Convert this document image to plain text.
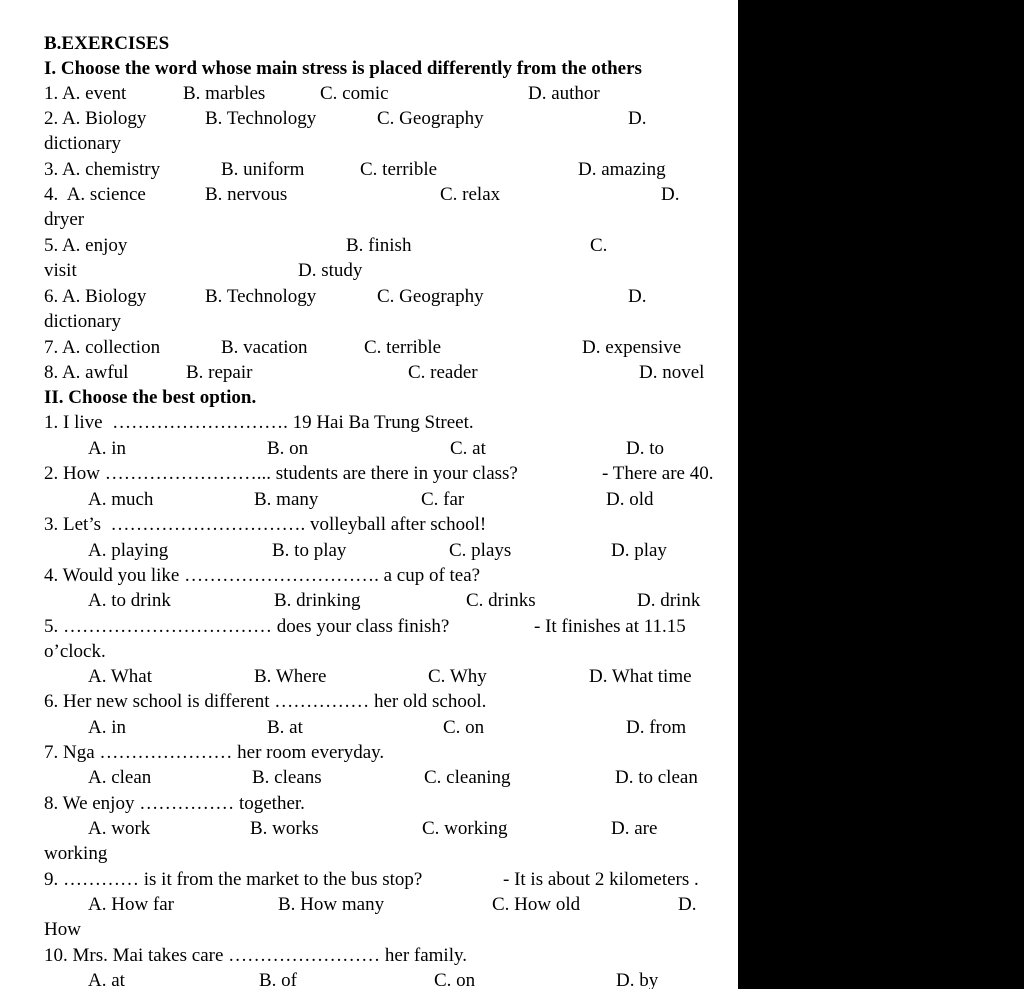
B.EXERCISES
I. Choose the word whose main stress is placed differently from the others
1. A. event	B. marbles	C. comic	D. author
2. A. Biology	B. Technology	C. Geography	D.
dictionary
3. A. chemistry	B. uniform	C. terrible	D. amazing
4.  A. science	B. nervous	C. relax	D.
dryer
5. A. enjoy	B. finish	C.
visit	D. study
6. A. Biology	B. Technology	C. Geography	D.
dictionary
7. A. collection	B. vacation	C. terrible	D. expensive
8. A. awful	B. repair	C. reader	D. novel
II. Choose the best option.
1. I live  ………………………. 19 Hai Ba Trung Street.
A. in	B. on	C. at	D. to
2. How ……………………... students are there in your class?	- There are 40.
A. much	B. many	C. far	D. old
3. Let’s  …………………………. volleyball after school!
A. playing	B. to play	C. plays	D. play
4. Would you like …………………………. a cup of tea?
A. to drink	B. drinking	C. drinks	D. drink
5. …………………………… does your class finish?	- It finishes at 11.15
o’clock.
A. What	B. Where	C. Why	D. What time
6. Her new school is different …………… her old school.
A. in	B. at	C. on	D. from
7. Nga ………………… her room everyday.
A. clean	B. cleans	C. cleaning	D. to clean
8. We enjoy …………… together.
A. work	B. works	C. working	D. are
working
9. ………… is it from the market to the bus stop?	- It is about 2 kilometers .
A. How far	B. How many	C. How old	D.
How
10. Mrs. Mai takes care …………………… her family.
A. at	B. of	C. on	D. by
